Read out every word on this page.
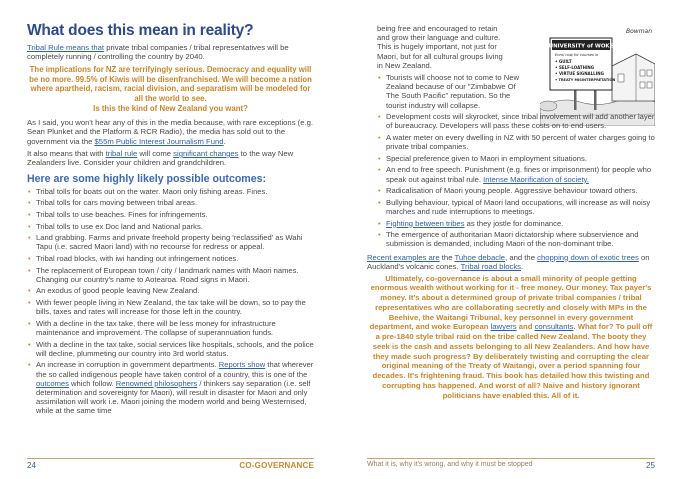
What does this mean in reality?

Tribal Rule means that private tribal companies / tribal representatives will be completely running / controlling the country by 2040.

The implications for NZ are terrifyingly serious. Democracy and equality will be no more. 99.5% of Kiwis will be disenfranchised. We will become a nation where apartheid, racism, racial division, and separatism will be modeled for all the world to see.
Is this the kind of New Zealand you want?

As I said, you won't hear any of this in the media because, with rare exceptions (e.g. Sean Plunket and the Platform & RCR Radio), the media has sold out to the government via the $55m Public Interest Journalism Fund.

It also means that with tribal rule will come significant changes to the way New Zealanders live. Consider your children and grandchildren.

Here are some highly likely possible outcomes:
• Tribal tolls for boats out on the water. Maori only fishing areas. Fines.
• Tribal tolls for cars moving between tribal areas.
• Tribal tolls to use beaches. Fines for infringements.
• Tribal tolls to use ex Doc land and National parks.
• Land grabbing. Farms and private freehold property being 'reclassified' as Wahi Tapu (i.e. sacred Maori land) with no recourse for redress or appeal.
• Tribal road blocks, with iwi handing out infringement notices.
• The replacement of European town / city / landmark names with Maori names. Changing our country's name to Aotearoa. Road signs in Maori.
• An exodus of good people leaving New Zealand.
• With fewer people living in New Zealand, the tax take will be down, so to pay the bills, taxes and rates will increase for those left in the country.
• With a decline in the tax take, there will be less money for infrastructure maintenance and improvement. The collapse of superannuation funds.
• With a decline in the tax take, social services like hospitals, schools, and the police will decline, plummeting our country into 3rd world status.
• An increase in corruption in government departments. Reports show that wherever the so called indigenous people have taken control of a country, this is one of the outcomes which follow. Renowned philosophers / thinkers say separation (i.e. self determination and sovereignty for Maori), will result in disaster for Maori and only assimilation will work i.e. Maori joining the modern world and being Westernised, while at the same time
24	CO-GOVERNANCE

being free and encouraged to retain and grow their language and culture. This is hugely important, not just for Maori, but for all cultural groups living in New Zealand.

Bowman
UNIVERSITY of WOKE
Enrol now for courses in
• GUILT
• SELF-LOATHING
• VIRTUE SIGNALLING
• TREATY MISINTERPRETATION
• Tourists will choose not to come to New Zealand because of our "Zimbabwe Of The South Pacific" reputation. So the tourist industry will collapse.
• Development costs will skyrocket, since tribal involvement will add another layer of bureaucracy. Developers will pass these costs on to end users.
• A water meter on every dwelling in NZ with 50 percent of water charges going to private tribal companies.
• Special preference given to Maori in employment situations.
• An end to free speech. Punishment (e.g. fines or imprisonment) for people who speak out against tribal rule. Intense Maorification of society.
• Radicalisation of Maori young people. Aggressive behaviour toward others.
• Bullying behaviour, typical of Maori land occupations, will increase as will noisy marches and rude interruptions to meetings.
• Fighting between tribes as they jostle for dominance.
• The emergence of authoritarian Maori dictatorship where subservience and submission is demanded, including Maori of the non-dominant tribe.

Recent examples are the Tuhoe debacle, and the chopping down of exotic trees on Auckland's volcanic cones. Tribal road blocks.

Ultimately, co-governance is about a small minority of people getting enormous wealth without working for it - free money. Our money. Tax payer's money. It's about a determined group of private tribal companies / tribal representatives who are collaborating secretly and closely with MPs in the Beehive, the Waitangi Tribunal, key personnel in every government department, and woke European lawyers and consultants. What for? To pull off a pre-1840 style tribal raid on the tribe called New Zealand. The booty they seek is the cash and assets belonging to all New Zealanders. And how have they made such progress? By deliberately twisting and corrupting the clear original meaning of the Treaty of Waitangi, over a period spanning four decades. It's frightening fraud. This book has detailed how this twisting and corrupting has happened. And worst of all? Naive and history ignorant politicians have enabled this. All of it.

What it is, why it's wrong, and why it must be stopped	25
